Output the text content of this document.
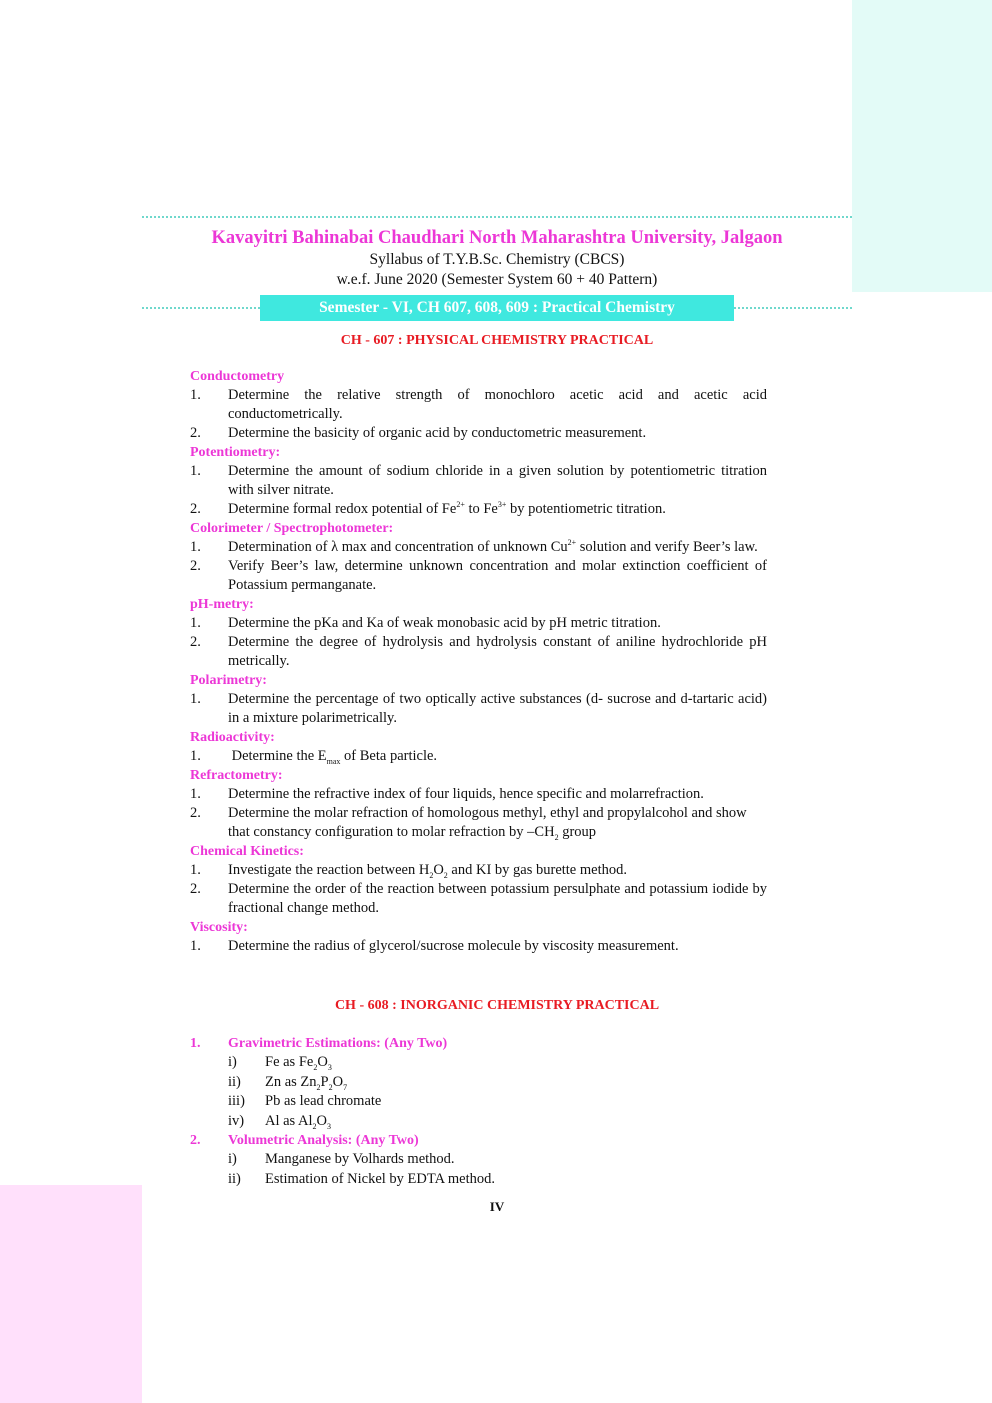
Kavayitri Bahinabai Chaudhari North Maharashtra University, Jalgaon
Syllabus of T.Y.B.Sc. Chemistry (CBCS)
w.e.f. June 2020 (Semester System 60 + 40 Pattern)
Semester - VI, CH 607, 608, 609 : Practical Chemistry
CH - 607 : PHYSICAL CHEMISTRY PRACTICAL
Conductometry
1.	Determine the relative strength of monochloro acetic acid and acetic acid conductometrically.
2.	Determine the basicity of organic acid by conductometric measurement.
Potentiometry:
1.	Determine the amount of sodium chloride in a given solution by potentiometric titration with silver nitrate.
2.	Determine formal redox potential of $Fe^{2+}$ to $Fe^{3+}$ by potentiometric titration.
Colorimeter / Spectrophotometer:
1.	Determination of λ max and concentration of unknown $Cu^{2+}$ solution and verify Beer’s law.
2.	Verify Beer’s law, determine unknown concentration and molar extinction coefficient of Potassium permanganate.
pH-metry:
1.	Determine the pKa and Ka of weak monobasic acid by pH metric titration.
2.	Determine the degree of hydrolysis and hydrolysis constant of aniline hydrochloride pH metrically.
Polarimetry:
1.	Determine the percentage of two optically active substances (d- sucrose and d-tartaric acid) in a mixture polarimetrically.
Radioactivity:
1.	Determine the $E_{max}$ of Beta particle.
Refractometry:
1.	Determine the refractive index of four liquids, hence specific and molarrefraction.
2.	Determine the molar refraction of homologous methyl, ethyl and propylalcohol and show that constancy configuration to molar refraction by $-CH_2$ group
Chemical Kinetics:
1.	Investigate the reaction between $H_2O_2$ and KI by gas burette method.
2.	Determine the order of the reaction between potassium persulphate and potassium iodide by fractional change method.
Viscosity:
1.	Determine the radius of glycerol/sucrose molecule by viscosity measurement.
CH - 608 : INORGANIC CHEMISTRY PRACTICAL
1.	Gravimetric Estimations: (Any Two)
i)	Fe as $Fe_2O_3$
ii)	Zn as $Zn_2P_2O_7$
iii)	Pb as lead chromate
iv)	Al as $Al_2O_3$
2.	Volumetric Analysis: (Any Two)
i)	Manganese by Volhards method.
ii)	Estimation of Nickel by EDTA method.
IV
